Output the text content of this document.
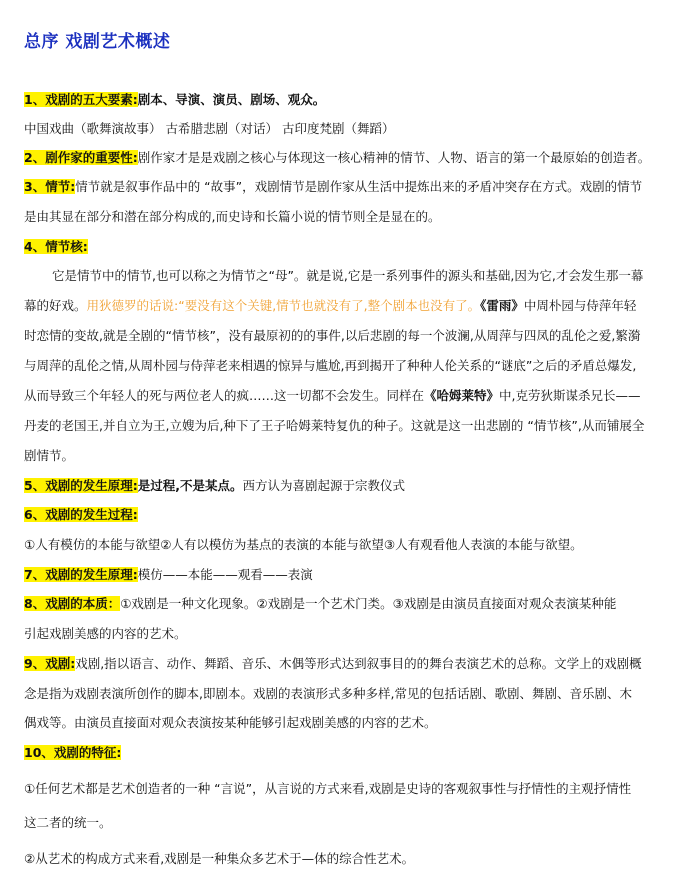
总序 戏剧艺术概述
1、戏剧的五大要素:剧本、导演、演员、剧场、观众。
中国戏曲（歌舞演故事） 古希腊悲剧（对话） 古印度梵剧（舞蹈）
2、剧作家的重要性:剧作家才是是戏剧之核心与体现这一核心精神的情节、人物、语言的第一个最原始的创造者。
3、情节:情节就是叙事作品中的 “故事”，戏剧情节是剧作家从生活中提炼出来的矛盾冲突存在方式。戏剧的情节
是由其显在部分和潜在部分构成的,而史诗和长篇小说的情节则全是显在的。
4、情节核:
它是情节中的情节,也可以称之为情节之“母”。就是说,它是一系列事件的源头和基础,因为它,才会发生那一幕
幕的好戏。用狄德罗的话说:“要没有这个关键,情节也就没有了,整个剧本也没有了。《雷雨》中周朴园与侍萍年轻
时恋情的变故,就是全剧的“情节核”，没有最原初的的事件,以后悲剧的每一个波澜,从周萍与四凤的乱伦之爱,繁漪
与周萍的乱伦之情,从周朴园与侍萍老来相遇的惊异与尴尬,再到揭开了种种人伦关系的“谜底”之后的矛盾总爆发,
从而导致三个年轻人的死与两位老人的疯……这一切都不会发生。同样在《哈姆莱特》中,克劳狄斯谋杀兄长——
丹麦的老国王,并自立为王,立嫂为后,种下了王子哈姆莱特复仇的种子。这就是这一出悲剧的 “情节核”,从而铺展全
剧情节。
5、戏剧的发生原理:是过程,不是某点。西方认为喜剧起源于宗教仪式
6、戏剧的发生过程:
①人有模仿的本能与欲望②人有以模仿为基点的表演的本能与欲望③人有观看他人表演的本能与欲望。
7、戏剧的发生原理:模仿——本能——观看——表演
8、戏剧的本质：①戏剧是一种文化现象。②戏剧是一个艺术门类。③戏剧是由演员直接面对观众表演某种能
引起戏剧美感的内容的艺术。
9、戏剧:戏剧,指以语言、动作、舞蹈、音乐、木偶等形式达到叙事目的的舞台表演艺术的总称。文学上的戏剧概
念是指为戏剧表演所创作的脚本,即剧本。戏剧的表演形式多种多样,常见的包括话剧、歌剧、舞剧、音乐剧、木
偶戏等。由演员直接面对观众表演按某种能够引起戏剧美感的内容的艺术。
10、戏剧的特征:
①任何艺术都是艺术创造者的一种 “言说”，从言说的方式来看,戏剧是史诗的客观叙事性与抒情性的主观抒情性
这二者的统一。
②从艺术的构成方式来看,戏剧是一种集众多艺术于—体的综合性艺术。
